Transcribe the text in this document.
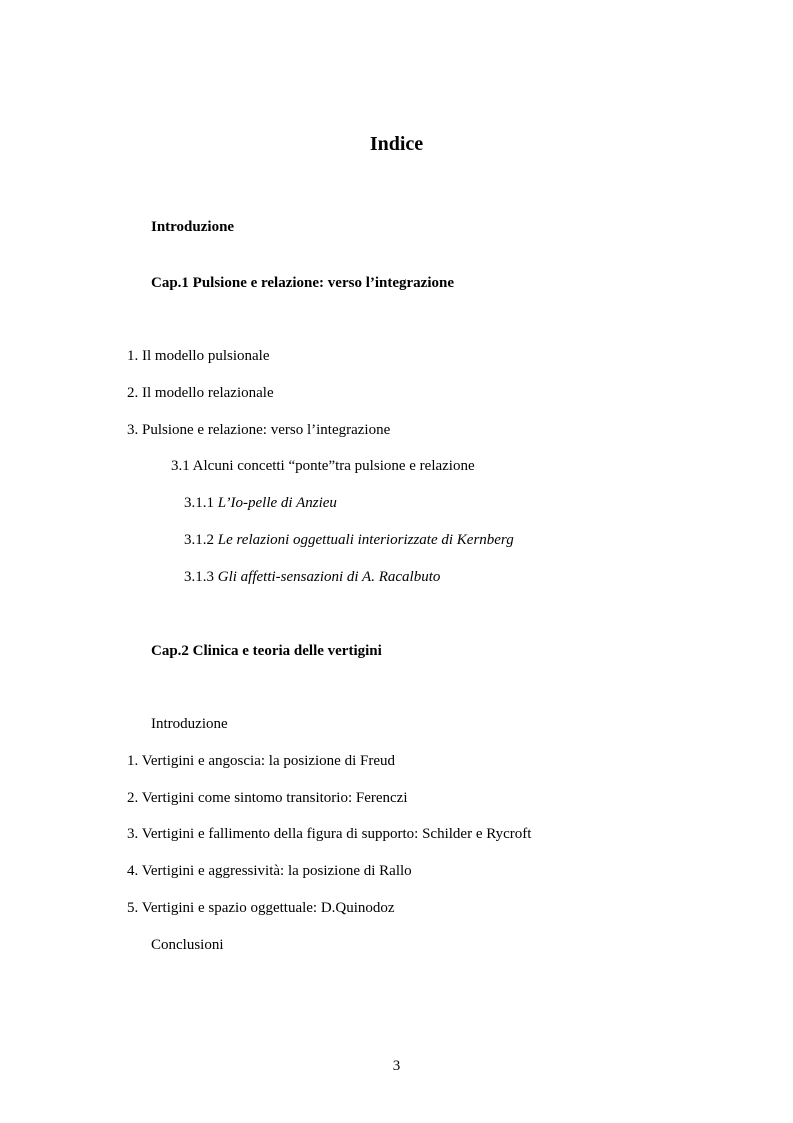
Indice
Introduzione
Cap.1 Pulsione e relazione: verso l’integrazione
1. Il modello pulsionale
2. Il modello relazionale
3. Pulsione e relazione: verso l’integrazione
3.1 Alcuni concetti “ponte”tra pulsione e relazione
3.1.1 L’Io-pelle di Anzieu
3.1.2 Le relazioni oggettuali interiorizzate di Kernberg
3.1.3 Gli affetti-sensazioni di A. Racalbuto
Cap.2 Clinica e teoria delle vertigini
Introduzione
1. Vertigini e angoscia: la posizione di Freud
2. Vertigini come sintomo transitorio: Ferenczi
3. Vertigini e fallimento della figura di supporto: Schilder e Rycroft
4. Vertigini e aggressività: la posizione di Rallo
5. Vertigini e spazio oggettuale: D.Quinodoz
Conclusioni
3
